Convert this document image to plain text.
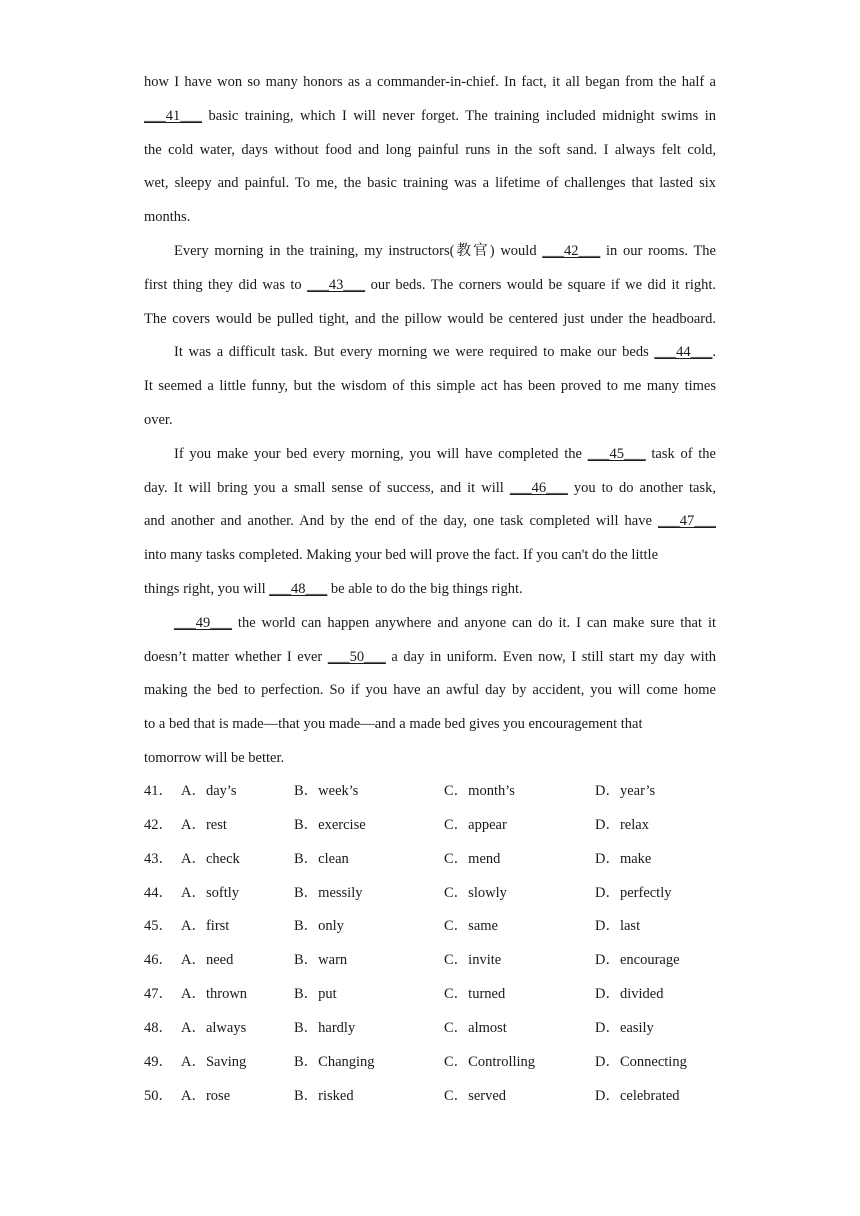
how I have won so many honors as a commander-in-chief. In fact, it all began from the half a
___41___ basic training, which I will never forget. The training included midnight swims in
the cold water, days without food and long painful runs in the soft sand. I always felt cold,
wet, sleepy and painful. To me, the basic training was a lifetime of challenges that lasted six
months.
Every morning in the training, my instructors(教官) would ___42___ in our rooms. The
first thing they did was to ___43___ our beds. The corners would be square if we did it right.
The covers would be pulled tight, and the pillow would be centered just under the headboard.
It was a difficult task. But every morning we were required to make our beds ___44___.
It seemed a little funny, but the wisdom of this simple act has been proved to me many times
over.
If you make your bed every morning, you will have completed the ___45___ task of the
day. It will bring you a small sense of success, and it will ___46___ you to do another task,
and another and another. And by the end of the day, one task completed will have ___47___
into many tasks completed. Making your bed will prove the fact. If you can't do the little
things right, you will ___48___ be able to do the big things right.
___49___ the world can happen anywhere and anyone can do it. I can make sure that it
doesn’t matter whether I ever ___50___ a day in uniform. Even now, I still start my day with
making the bed to perfection. So if you have an awful day by accident, you will come home
to a bed that is made—that you made—and a made bed gives you encouragement that
tomorrow will be better.
41． A．day’s	B．week’s	C．month’s	D．year’s
42． A．rest	B．exercise	C．appear	D．relax
43． A．check	B．clean	C．mend	D．make
44． A．softly	B．messily	C．slowly	D．perfectly
45． A．first	B．only	C．same	D．last
46． A．need	B．warn	C．invite	D．encourage
47． A．thrown	B．put	C．turned	D．divided
48． A．always	B．hardly	C．almost	D．easily
49． A．Saving	B．Changing	C．Controlling	D．Connecting
50． A．rose	B．risked	C．served	D．celebrated
